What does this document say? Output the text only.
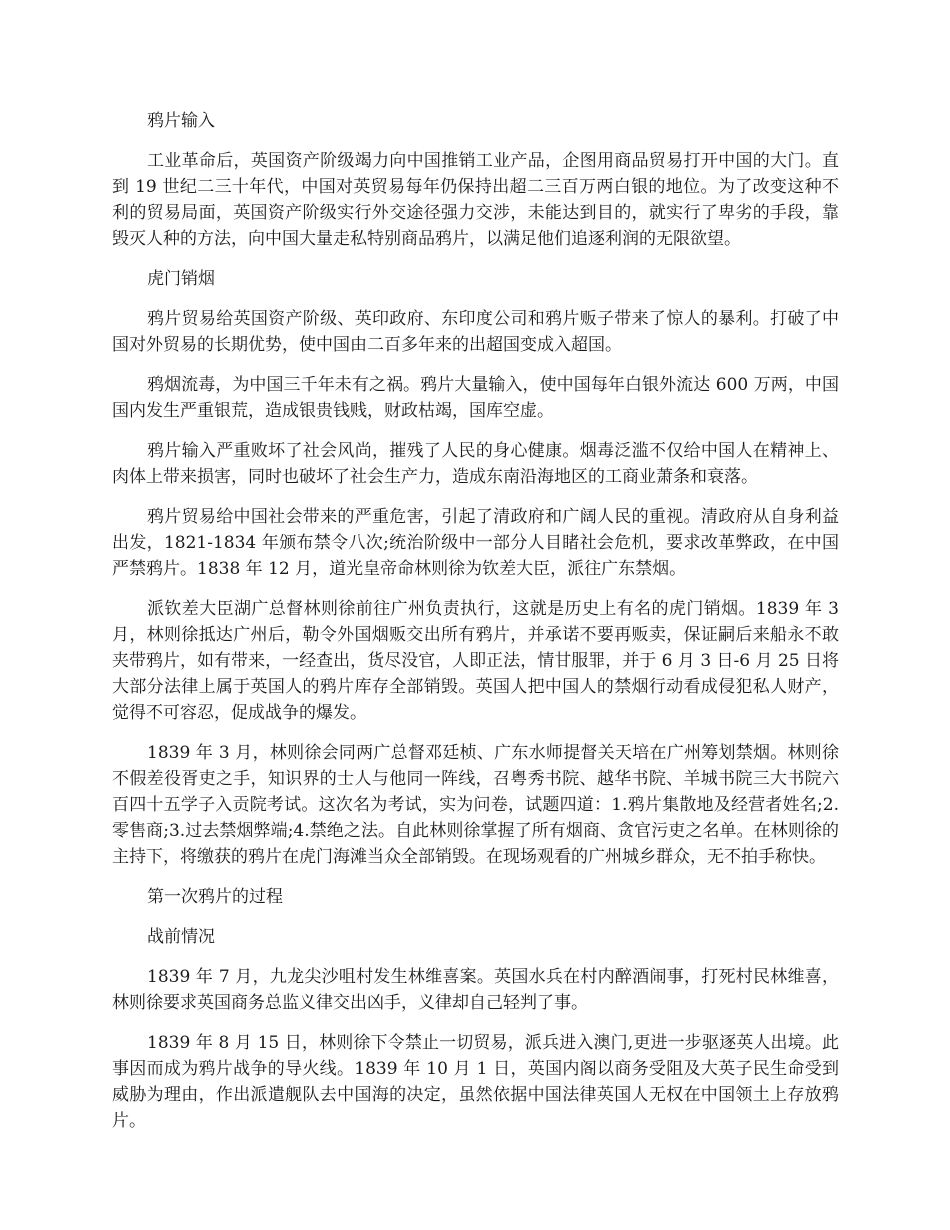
鸦片输入

工业革命后，英国资产阶级竭力向中国推销工业产品，企图用商品贸易打开中国的大门。直到 19 世纪二三十年代，中国对英贸易每年仍保持出超二三百万两白银的地位。为了改变这种不利的贸易局面，英国资产阶级实行外交途径强力交涉，未能达到目的，就实行了卑劣的手段，靠毁灭人种的方法，向中国大量走私特别商品鸦片，以满足他们追逐利润的无限欲望。

虎门销烟

鸦片贸易给英国资产阶级、英印政府、东印度公司和鸦片贩子带来了惊人的暴利。打破了中国对外贸易的长期优势，使中国由二百多年来的出超国变成入超国。

鸦烟流毒，为中国三千年未有之祸。鸦片大量输入，使中国每年白银外流达 600 万两，中国国内发生严重银荒，造成银贵钱贱，财政枯竭，国库空虚。

鸦片输入严重败坏了社会风尚，摧残了人民的身心健康。烟毒泛滥不仅给中国人在精神上、肉体上带来损害，同时也破坏了社会生产力，造成东南沿海地区的工商业萧条和衰落。

鸦片贸易给中国社会带来的严重危害，引起了清政府和广阔人民的重视。清政府从自身利益出发，1821-1834 年颁布禁令八次;统治阶级中一部分人目睹社会危机，要求改革弊政，在中国严禁鸦片。1838 年 12 月，道光皇帝命林则徐为钦差大臣，派往广东禁烟。

派钦差大臣湖广总督林则徐前往广州负责执行，这就是历史上有名的虎门销烟。1839 年 3 月，林则徐抵达广州后，勒令外国烟贩交出所有鸦片，并承诺不要再贩卖，保证嗣后来船永不敢夹带鸦片，如有带来，一经查出，货尽没官，人即正法，情甘服罪，并于 6 月 3 日-6 月 25 日将大部分法律上属于英国人的鸦片库存全部销毁。英国人把中国人的禁烟行动看成侵犯私人财产，觉得不可容忍，促成战争的爆发。

1839 年 3 月，林则徐会同两广总督邓廷桢、广东水师提督关天培在广州筹划禁烟。林则徐不假差役胥吏之手，知识界的士人与他同一阵线，召粤秀书院、越华书院、羊城书院三大书院六百四十五学子入贡院考试。这次名为考试，实为问卷，试题四道：1.鸦片集散地及经营者姓名;2.零售商;3.过去禁烟弊端;4.禁绝之法。自此林则徐掌握了所有烟商、贪官污吏之名单。在林则徐的主持下，将缴获的鸦片在虎门海滩当众全部销毁。在现场观看的广州城乡群众，无不拍手称快。

第一次鸦片的过程

战前情况

1839 年 7 月，九龙尖沙咀村发生林维喜案。英国水兵在村内醉酒闹事，打死村民林维喜，林则徐要求英国商务总监义律交出凶手，义律却自己轻判了事。

1839 年 8 月 15 日，林则徐下令禁止一切贸易，派兵进入澳门,更进一步驱逐英人出境。此事因而成为鸦片战争的导火线。1839 年 10 月 1 日，英国内阁以商务受阻及大英子民生命受到威胁为理由，作出派遣舰队去中国海的决定，虽然依据中国法律英国人无权在中国领土上存放鸦片。
